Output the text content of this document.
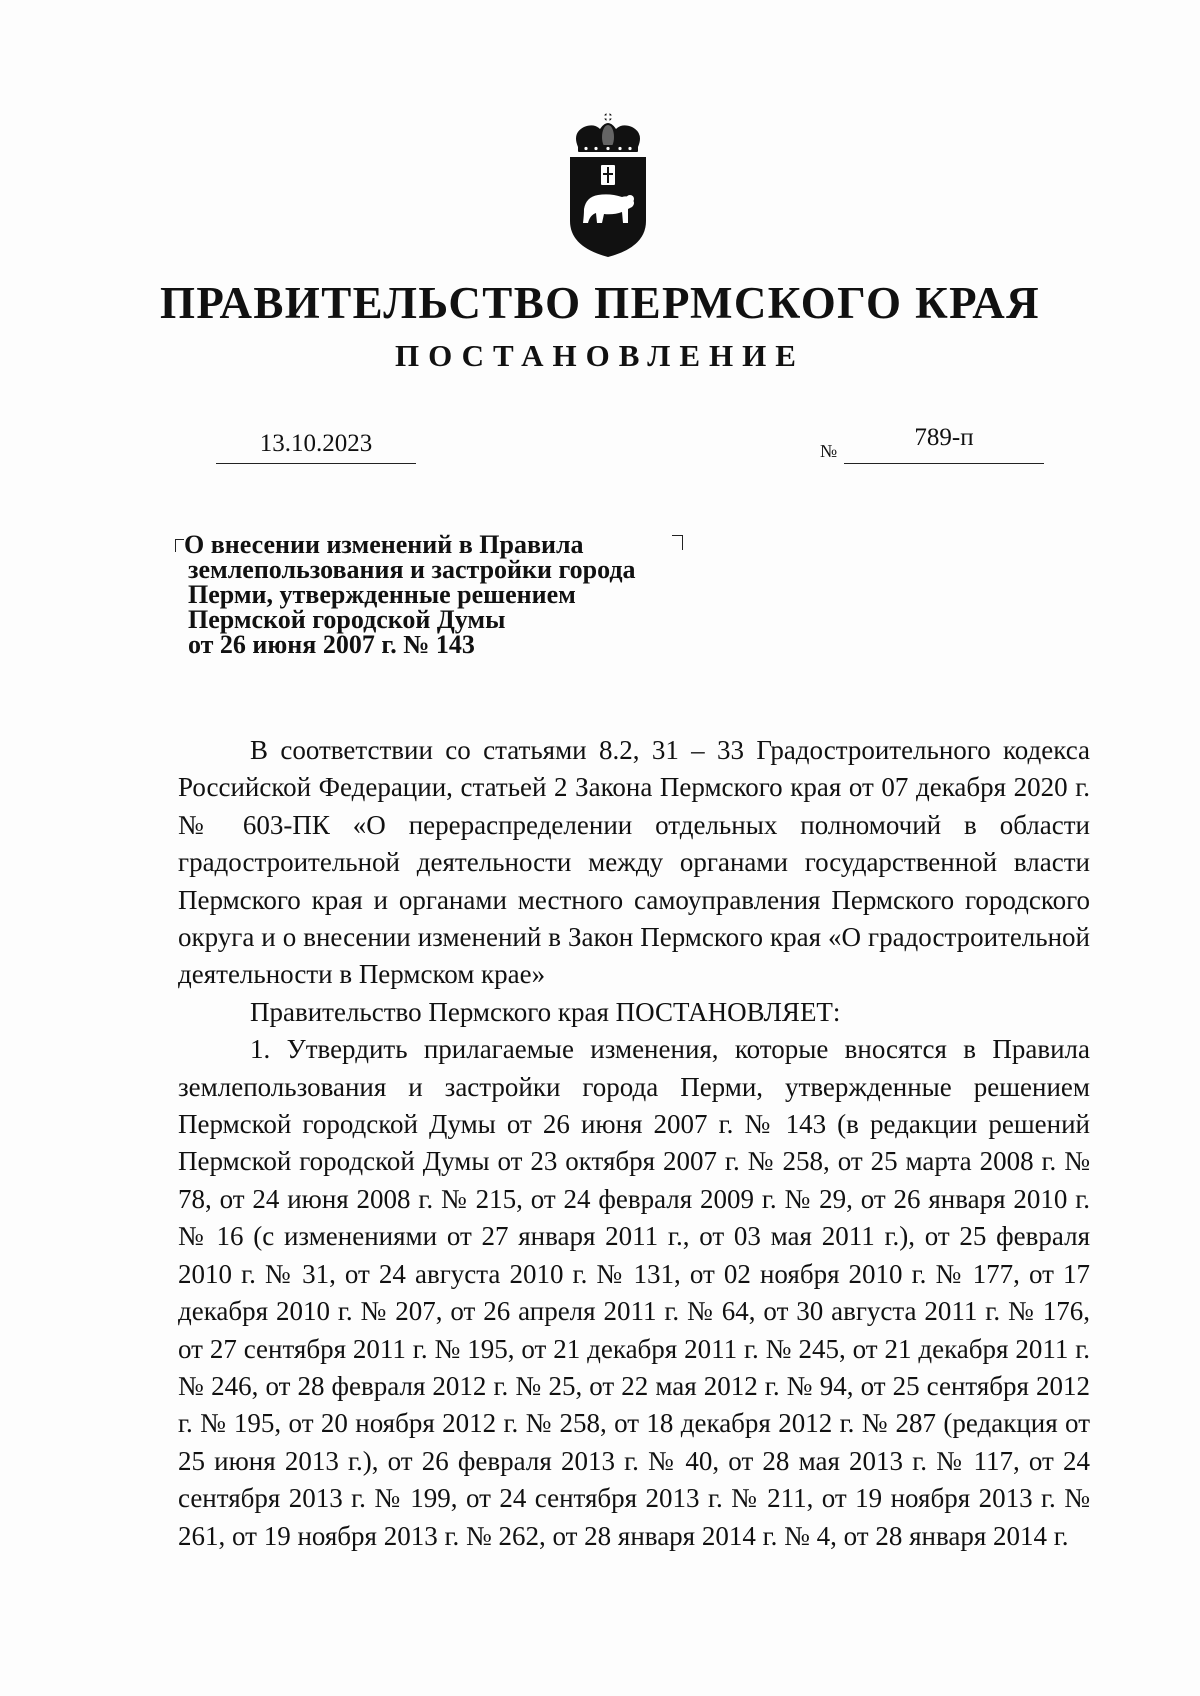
ПРАВИТЕЛЬСТВО ПЕРМСКОГО КРАЯ
ПОСТАНОВЛЕНИЕ
13.10.2023	№	789-п
О внесении изменений в Правила
землепользования и застройки города
Перми, утвержденные решением
Пермской городской Думы
от 26 июня 2007 г. № 143

В соответствии со статьями 8.2, 31 – 33 Градостроительного кодекса Российской Федерации, статьей 2 Закона Пермского края от 07 декабря 2020 г. № 603-ПК «О перераспределении отдельных полномочий в области градостроительной деятельности между органами государственной власти Пермского края и органами местного самоуправления Пермского городского округа и о внесении изменений в Закон Пермского края «О градостроительной деятельности в Пермском крае»

Правительство Пермского края ПОСТАНОВЛЯЕТ:

1. Утвердить прилагаемые изменения, которые вносятся в Правила землепользования и застройки города Перми, утвержденные решением Пермской городской Думы от 26 июня 2007 г. № 143 (в редакции решений Пермской городской Думы от 23 октября 2007 г. № 258, от 25 марта 2008 г. № 78, от 24 июня 2008 г. № 215, от 24 февраля 2009 г. № 29, от 26 января 2010 г. № 16 (с изменениями от 27 января 2011 г., от 03 мая 2011 г.), от 25 февраля 2010 г. № 31, от 24 августа 2010 г. № 131, от 02 ноября 2010 г. № 177, от 17 декабря 2010 г. № 207, от 26 апреля 2011 г. № 64, от 30 августа 2011 г. № 176, от 27 сентября 2011 г. № 195, от 21 декабря 2011 г. № 245, от 21 декабря 2011 г. № 246, от 28 февраля 2012 г. № 25, от 22 мая 2012 г. № 94, от 25 сентября 2012 г. № 195, от 20 ноября 2012 г. № 258, от 18 декабря 2012 г. № 287 (редакция от 25 июня 2013 г.), от 26 февраля 2013 г. № 40, от 28 мая 2013 г. № 117, от 24 сентября 2013 г. № 199, от 24 сентября 2013 г. № 211, от 19 ноября 2013 г. № 261, от 19 ноября 2013 г. № 262, от 28 января 2014 г. № 4, от 28 января 2014 г.
